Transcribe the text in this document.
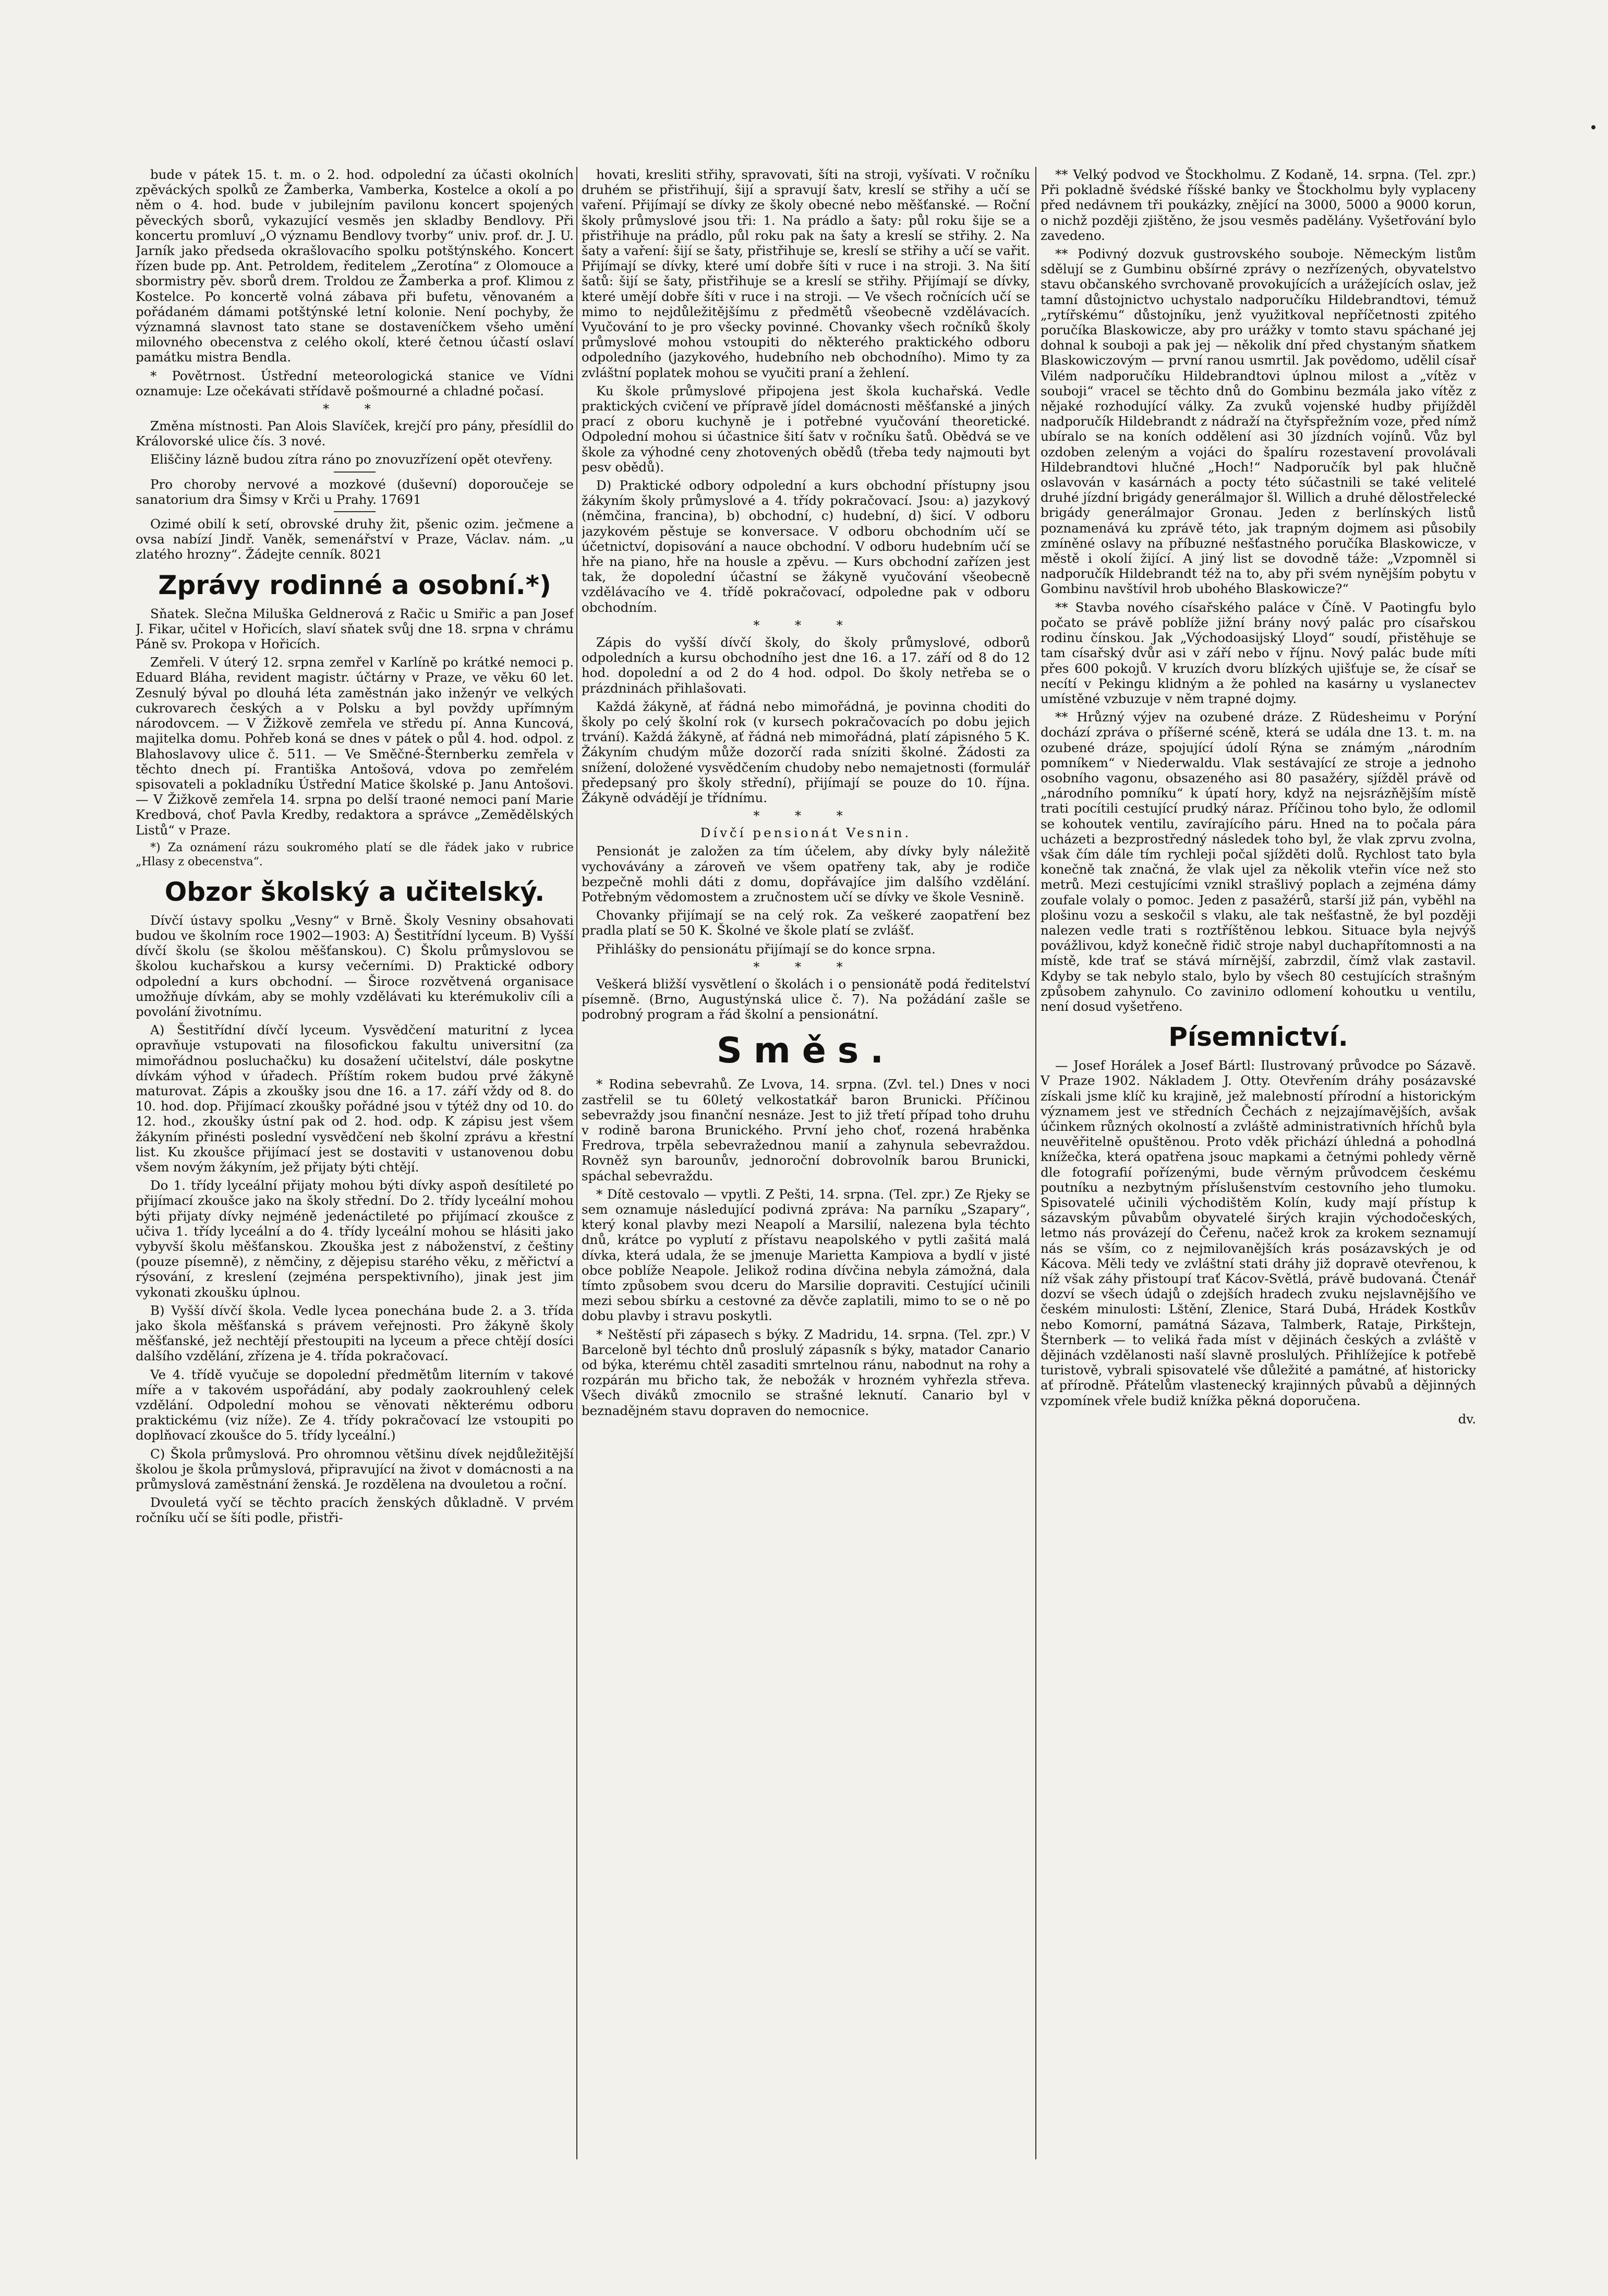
bude v pátek 15. t. m. o 2. hod. odpolední za účasti okolních zpěváckých spolků ze Žamberka, Vamberka, Kostelce a okolí a po něm o 4. hod. bude v jubilejním pavilonu koncert spojených pěveckých sborů, vykazující vesměs jen skladby Bendlovy. Při koncertu promluví „O významu Bendlovy tvorby“ univ. prof. dr. J. U. Jarník jako předseda okrašlovacího spolku potštýnského. Koncert řízen bude pp. Ant. Petroldem, ředitelem „Zerotína“ z Olomouce a sbormistry pěv. sborů drem. Troldou ze Žamberka a prof. Klimou z Kostelce. Po koncertě volná zábava při bufetu, věnovaném a pořádaném dámami potštýnské letní kolonie. Není pochyby, že významná slavnost tato stane se dostaveníčkem všeho umění milovného obecenstva z celého okolí, které četnou účastí oslaví památku mistra Bendla.

* Povětrnost. Ústřední meteorologická stanice ve Vídni oznamuje: Lze očekávati střídavě pošmourné a chladné počasí.

* *

Změna místnosti. Pan Alois Slavíček, krejčí pro pány, přesídlil do Královorské ulice čís. 3 nové.

Eliščiny lázně budou zítra ráno po znovuzřízení opět otevřeny.

Pro choroby nervové a mozkové (duševní) doporoučeje se sanatorium dra Šimsy v Krči u Prahy. 17691

Ozimé obilí k setí, obrovské druhy žit, pšenic ozim. ječmene a ovsa nabízí Jindř. Vaněk, semenářství v Praze, Václav. nám. „u zlatého hrozny“. Žádejte cenník. 8021

Zprávy rodinné a osobní.*)

Sňatek. Slečna Miluška Geldnerová z Račic u Smiřic a pan Josef J. Fikar, učitel v Hořicích, slaví sňatek svůj dne 18. srpna v chrámu Páně sv. Prokopa v Hořicích.

Zemřeli. V úterý 12. srpna zemřel v Karlíně po krátké nemoci p. Eduard Bláha, revident magistr. účtárny v Praze, ve věku 60 let. Zesnulý býval po dlouhá léta zaměstnán jako inženýr ve velkých cukrovarech českých a v Polsku a byl povždy upřímným národovcem. — V Žižkově zemřela ve středu pí. Anna Kuncová, majitelka domu. Pohřeb koná se dnes v pátek o půl 4. hod. odpol. z Blahoslavovy ulice č. 511. — Ve Směčné-Šternberku zemřela v těchto dnech pí. Františka Antošová, vdova po zemřelém spisovateli a pokladníku Ústřední Matice školské p. Janu Antošovi. — V Žižkově zemřela 14. srpna po delší traoné nemoci paní Marie Kredbová, choť Pavla Kredby, redaktora a správce „Zemědělských Listů“ v Praze.

*) Za oznámení rázu soukromého platí se dle řádek jako v rubrice „Hlasy z obecenstva“.

Obzor školský a učitelský.

Dívčí ústavy spolku „Vesny“ v Brně. Školy Vesniny obsahovati budou ve školním roce 1902—1903: A) Šestitřídní lyceum. B) Vyšší dívčí školu (se školou měšťanskou). C) Školu průmyslovou se školou kuchařskou a kursy večerními. D) Praktické odbory odpolední a kurs obchodní. — Široce rozvětvená organisace umožňuje dívkám, aby se mohly vzdělávati ku kterémukoliv cíli a povolání životnímu.

A) Šestitřídní dívčí lyceum. Vysvědčení maturitní z lycea opravňuje vstupovati na filosofickou fakultu universitní (za mimořádnou posluchačku) ku dosažení učitelství, dále poskytne dívkám výhod v úřadech. Příštím rokem budou prvé žákyně maturovat. Zápis a zkoušky jsou dne 16. a 17. září vždy od 8. do 10. hod. dop. Přijímací zkoušky pořádné jsou v týtéž dny od 10. do 12. hod., zkoušky ústní pak od 2. hod. odp. K zápisu jest všem žákyním přinésti poslední vysvědčení neb školní zprávu a křestní list. Ku zkoušce přijímací jest se dostaviti v ustanovenou dobu všem novým žákyním, jež přijaty býti chtějí.

Do 1. třídy lyceální přijaty mohou býti dívky aspoň desítileté po přijímací zkoušce jako na školy střední. Do 2. třídy lyceální mohou býti přijaty dívky nejméně jedenáctileté po přijímací zkoušce z učiva 1. třídy lyceální a do 4. třídy lyceální mohou se hlásiti jako vybyvší školu měšťanskou. Zkouška jest z náboženství, z češtiny (pouze písemně), z němčiny, z dějepisu starého věku, z měřictví a rýsování, z kreslení (zejména perspektivního), jinak jest jim vykonati zkoušku úplnou.

B) Vyšší dívčí škola. Vedle lycea ponechána bude 2. a 3. třída jako škola měšťanská s právem veřejnosti. Pro žákyně školy měšťanské, jež nechtějí přestoupiti na lyceum a přece chtějí dosíci dalšího vzdělání, zřízena je 4. třída pokračovací.

Ve 4. třídě vyučuje se dopolední předmětům literním v takové míře a v takovém uspořádání, aby podaly zaokrouhlený celek vzdělání. Odpolední mohou se věnovati některému odboru praktickému (viz níže). Ze 4. třídy pokračovací lze vstoupiti po doplňovací zkoušce do 5. třídy lyceální.)

C) Škola průmyslová. Pro ohromnou většinu dívek nejdůležitější školou je škola průmyslová, připravující na život v domácnosti a na průmyslová zaměstnání ženská. Je rozdělena na dvouletou a roční.

Dvouletá vyčí se těchto pracích ženských důkladně. V prvém ročníku učí se šíti podle, přistři-

hovati, kresliti střihy, spravovati, šíti na stroji, vyšívati. V ročníku druhém se přistřihují, šijí a spravují šatv, kreslí se střihy a učí se vaření. Přijímají se dívky ze školy obecné nebo měšťanské. — Roční školy průmyslové jsou tři: 1. Na prádlo a šaty: půl roku šije se a přistřihuje na prádlo, půl roku pak na šaty a kreslí se střihy. 2. Na šaty a vaření: šijí se šaty, přistřihuje se, kreslí se střihy a učí se vařit. Přijímají se dívky, které umí dobře šíti v ruce i na stroji. 3. Na šití šatů: šijí se šaty, přistřihuje se a kreslí se střihy. Přijímají se dívky, které umějí dobře šíti v ruce i na stroji. — Ve všech ročnících učí se mimo to nejdůležitějšímu z předmětů všeobecně vzdělávacích. Vyučování to je pro všecky povinné. Chovanky všech ročníků školy průmyslové mohou vstoupiti do některého praktického odboru odpoledního (jazykového, hudebního neb obchodního). Mimo ty za zvláštní poplatek mohou se vyučiti praní a žehlení.

Ku škole průmyslové připojena jest škola kuchařská. Vedle praktických cvičení ve přípravě jídel domácnosti měšťanské a jiných prací z oboru kuchyně je i potřebné vyučování theoretické. Odpolední mohou si účastnice šití šatv v ročníku šatů. Obědvá se ve škole za výhodné ceny zhotovených obědů (třeba tedy najmouti byt pesv obědů).

D) Praktické odbory odpolední a kurs obchodní přístupny jsou žákyním školy průmyslové a 4. třídy pokračovací. Jsou: a) jazykový (němčina, francina), b) obchodní, c) hudební, d) šicí. V odboru jazykovém pěstuje se konversace. V odboru obchodním učí se účetnictví, dopisování a nauce obchodní. V odboru hudebním učí se hře na piano, hře na housle a zpěvu. — Kurs obchodní zařízen jest tak, že dopolední účastní se žákyně vyučování všeobecně vzdělávacího ve 4. třídě pokračovací, odpoledne pak v odboru obchodním.

* * *

Zápis do vyšší dívčí školy, do školy průmyslové, odborů odpoledních a kursu obchodního jest dne 16. a 17. září od 8 do 12 hod. dopolední a od 2 do 4 hod. odpol. Do školy netřeba se o prázdninách přihlašovati.

Každá žákyně, ať řádná nebo mimořádná, je povinna choditi do školy po celý školní rok (v kursech pokračovacích po dobu jejich trvání). Každá žákyně, ať řádná neb mimořádná, platí zápisného 5 K. Žákyním chudým může dozorčí rada sníziti školné. Žádosti za snížení, doložené vysvědčením chudoby nebo nemajetnosti (formulář předepsaný pro školy střední), přijímají se pouze do 10. října. Žákyně odvádějí je třídnímu.

* * *

Dívčí pensionát Vesnin.

Pensionát je založen za tím účelem, aby dívky byly náležitě vychovávány a zároveň ve všem opatřeny tak, aby je rodiče bezpečně mohli dáti z domu, dopřávajíce jim dalšího vzdělání. Potřebným vědomostem a zručnostem učí se dívky ve škole Vesnině.

Chovanky přijímají se na celý rok. Za veškeré zaopatření bez pradla platí se 50 K. Školné ve škole platí se zvlášť.

Přihlášky do pensionátu přijímají se do konce srpna.

* * *

Veškerá bližší vysvětlení o školách i o pensionátě podá ředitelství písemně. (Brno, Augustýnská ulice č. 7). Na požádání zašle se podrobný program a řád školní a pensionátní.

Směs.

* Rodina sebevrahů. Ze Lvova, 14. srpna. (Zvl. tel.) Dnes v noci zastřelil se tu 60letý velkostatkář baron Brunicki. Příčinou sebevraždy jsou finanční nesnáze. Jest to již třetí případ toho druhu v rodině barona Brunického. První jeho choť, rozená hraběnka Fredrova, trpěla sebevražednou manií a zahynula sebevraždou. Rovněž syn barounův, jednoroční dobrovolník barou Brunicki, spáchal sebevraždu.

* Dítě cestovalo — vpytli. Z Pešti, 14. srpna. (Tel. zpr.) Ze Rjeky se sem oznamuje následující podivná zpráva: Na parníku „Szapary“, který konal plavby mezi Neapolí a Marsilií, nalezena byla téchto dnů, krátce po vyplutí z přístavu neapolského v pytli zašitá malá dívka, která udala, že se jmenuje Marietta Kampiova a bydlí v jisté obce poblíže Neapole. Jelikož rodina dívčina nebyla zámožná, dala tímto způsobem svou dceru do Marsilie dopraviti. Cestující učinili mezi sebou sbírku a cestovné za děvče zaplatili, mimo to se o ně po dobu plavby i stravu poskytli.

* Neštěstí při zápasech s býky. Z Madridu, 14. srpna. (Tel. zpr.) V Barceloně byl téchto dnů proslulý zápasník s býky, matador Canario od býka, kterému chtěl zasaditi smrtelnou ránu, nabodnut na rohy a rozpárán mu břicho tak, že nebožák v hrozném vyhřezla střeva. Všech diváků zmocnilo se strašné leknutí. Canario byl v beznadějném stavu dopraven do nemocnice.

** Velký podvod ve Štockholmu. Z Kodaně, 14. srpna. (Tel. zpr.) Při pokladně švédské říšské banky ve Štockholmu byly vyplaceny před nedávnem tři poukázky, znějící na 3000, 5000 a 9000 korun, o nichž později zjištěno, že jsou vesměs padělány. Vyšetřování bylo zavedeno.

** Podivný dozvuk gustrovského souboje. Německým listům sdělují se z Gumbinu obšírné zprávy o nezřízených, obyvatelstvo stavu občanského svrchovaně provokujících a urážejících oslav, jež tamní důstojnictvo uchystalo nadporučíku Hildebrandtovi, témuž „rytířskému“ důstojníku, jenž využitkoval nepříčetnosti zpitého poručíka Blaskowicze, aby pro urážky v tomto stavu spáchané jej dohnal k souboji a pak jej — několik dní před chystaným sňatkem Blaskowiczovým — první ranou usmrtil. Jak povědomo, udělil císař Vilém nadporučíku Hildebrandtovi úplnou milost a „vítěz v souboji“ vracel se těchto dnů do Gombinu bezmála jako vítěz z nějaké rozhodující války. Za zvuků vojenské hudby přijížděl nadporučík Hildebrandt z nádraží na čtyřspřežním voze, před nímž ubíralo se na koních oddělení asi 30 jízdních vojínů. Vůz byl ozdoben zeleným a vojáci do špalíru rozestavení provolávali Hildebrandtovi hlučné „Hoch!“ Nadporučík byl pak hlučně oslavován v kasárnách a pocty této súčastnili se také velitelé druhé jízdní brigády generálmajor šl. Willich a druhé dělostřelecké brigády generálmajor Gronau. Jeden z berlínských listů poznamenává ku zprávě této, jak trapným dojmem asi působily zmíněné oslavy na příbuzné nešťastného poručíka Blaskowicze, v městě i okolí žijící. A jiný list se dovodně táže: „Vzpomněl si nadporučík Hildebrandt též na to, aby při svém nynějším pobytu v Gombinu navštívil hrob ubohého Blaskowicze?“

** Stavba nového císařského paláce v Číně. V Paotingfu bylo počato se právě poblíže jižní brány nový palác pro císařskou rodinu čínskou. Jak „Východoasijský Lloyd“ soudí, přistěhuje se tam císařský dvůr asi v září nebo v říjnu. Nový palác bude míti přes 600 pokojů. V kruzích dvoru blízkých ujišťuje se, že císař se necítí v Pekingu klidným a že pohled na kasárny u vyslanectev umístěné vzbuzuje v něm trapné dojmy.

** Hrůzný výjev na ozubené dráze. Z Rüdesheimu v Porýní dochází zpráva o příšerné scéně, která se udála dne 13. t. m. na ozubené dráze, spojující údolí Rýna se známým „národním pomníkem“ v Niederwaldu. Vlak sestávající ze stroje a jednoho osobního vagonu, obsazeného asi 80 pasažéry, sjížděl právě od „národního pomníku“ k úpatí hory, když na nejsrázňějším místě trati pocítili cestující prudký náraz. Příčinou toho bylo, že odlomil se kohoutek ventilu, zavírajícího páru. Hned na to počala pára ucházeti a bezprostředný následek toho byl, že vlak zprvu zvolna, však čím dále tím rychleji počal sjížděti dolů. Rychlost tato byla konečně tak značná, že vlak ujel za několik vteřin více než sto metrů. Mezi cestujícími vznikl strašlivý poplach a zejména dámy zoufale volaly o pomoc. Jeden z pasažérů, starší již pán, vyběhl na plošinu vozu a seskočil s vlaku, ale tak nešťastně, že byl později nalezen vedle trati s roztříštěnou lebkou. Situace byla nejvýš povážlivou, když konečně řidič stroje nabyl duchapřítomnosti a na místě, kde trať se stává mírnější, zabrzdil, čímž vlak zastavil. Kdyby se tak nebylo stalo, bylo by všech 80 cestujících strašným způsobem zahynulo. Co zaviniло odlomení kohoutku u ventilu, není dosud vyšetřeno.

Písemnictví.

— Josef Horálek a Josef Bártl: Ilustrovaný průvodce po Sázavě. V Praze 1902. Nákladem J. Otty. Otevřením dráhy posázavské získali jsme klíč ku krajině, jež malebností přírodní a historickým významem jest ve středních Čechách z nejzajímavějších, avšak účinkem různých okolností a zvláště administrativních hříchů byla neuvěřitelně opuštěnou. Proto vděk přichází úhledná a pohodlná knížečka, která opatřena jsouc mapkami a četnými pohledy věrně dle fotografií pořízenými, bude věrným průvodcem českému poutníku a nezbytným příslušenstvím cestovního jeho tlumoku. Spisovatelé učinili východištěm Kolín, kudy mají přístup k sázavským půvabům obyvatelé širých krajin východočeských, letmo nás provázejí do Čeřenu, načež krok za krokem seznamují nás se vším, co z nejmilovanějších krás posázavských je od Kácova. Měli tedy ve zvláštní stati dráhy již dopravě otevřenou, k níž však záhy přistoupí trať Kácov-Světlá, právě budovaná. Čtenář dozví se všech údajů o zdejších hradech zvuku nejslavnějšího ve českém minulosti: Lštění, Zlenice, Stará Dubá, Hrádek Kostkův nebo Komorní, památná Sázava, Talmberk, Rataje, Pirkštejn, Šternberk — to veliká řada míst v dějinách českých a zvláště v dějinách vzdělanosti naší slavně proslulých. Přihlížejíce k potřebě turistově, vybrali spisovatelé vše důležité a památné, ať historicky ať přírodně. Přátelům vlastenecký krajinných půvabů a dějinných vzpomínek vřele budiž knížka pěkná doporučena.

dv.
